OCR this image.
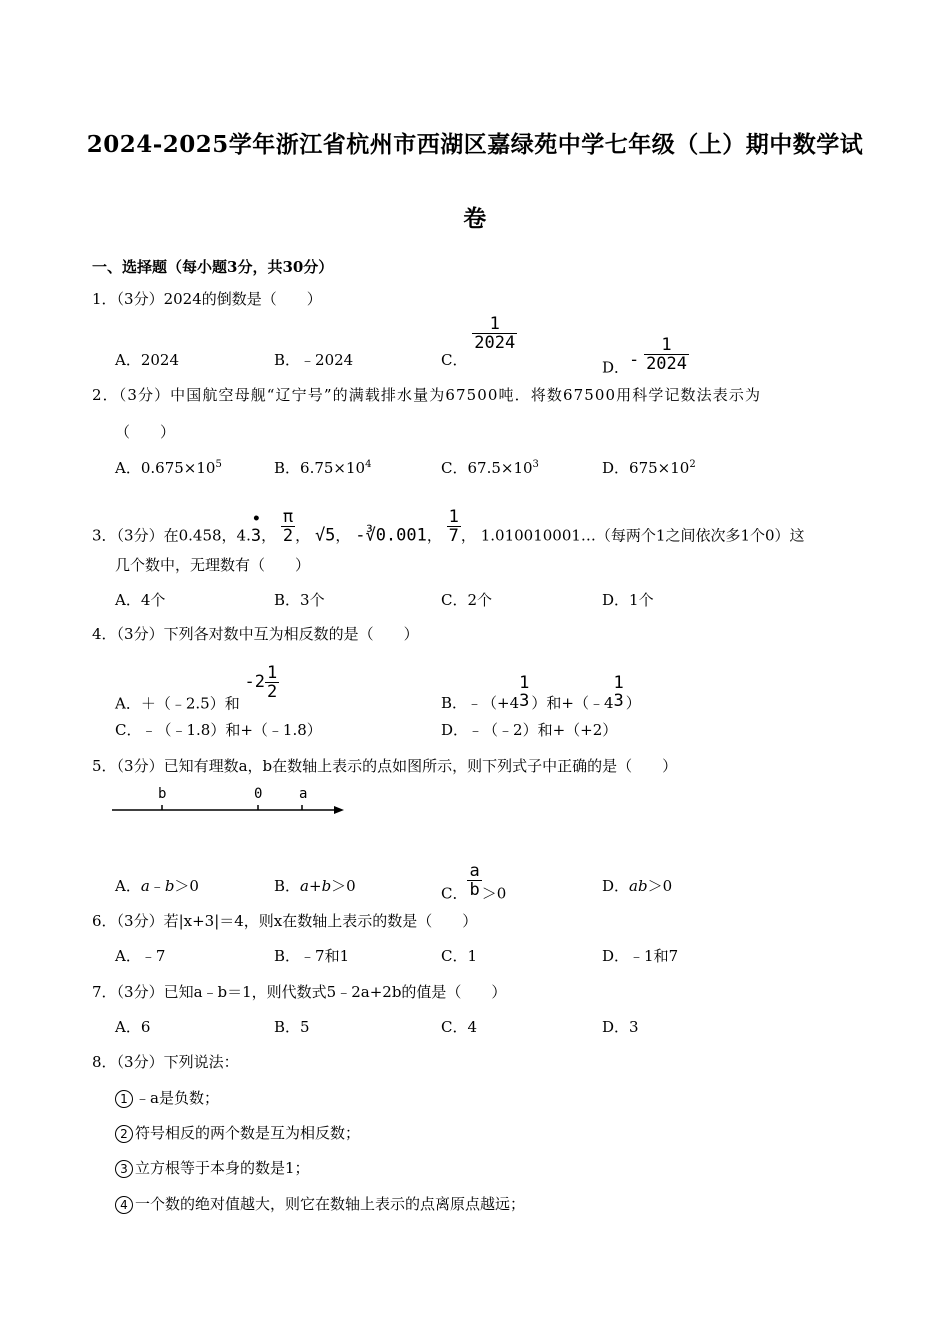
2024-2025学年浙江省杭州市西湖区嘉绿苑中学七年级（上）期中数学试
卷
一、选择题（每小题3分，共30分）
1．（3分）2024的倒数是（　　）
A．2024	B．﹣2024	C．
$\frac{1}{2024}$
D．- $\frac{1}{2024}$
2．（3分）中国航空母舰“辽宁号”的满载排水量为67500吨．将数67500用科学记数法表示为
（　　）
A．$0.675\times 10^5$	B．$6.75\times 10^4$	C．$67.5\times 10^3$	D．$675\times 10^2$
3．（3分）在0.458，4.
•
3， $\frac{\pi}{2}$ ， √5， -∛0.001， $\frac{1}{7}$ ， 1.010010001…（每两个1之间依次多1个0）这
几个数中，无理数有（　　）
A．4个	B．3个	C．2个	D．1个
4．（3分）下列各对数中互为相反数的是（　　）
A．＋（﹣2.5）和 $-2 \frac{1}{2}$
B．﹣（+4
1
3 ）和+（﹣4
1
3 ）
C．﹣（﹣1.8）和+（﹣1.8）	D．﹣（﹣2）和+（+2）
5．（3分）已知有理数a，b在数轴上表示的点如图所示，则下列式子中正确的是（　　）
b	0	a
A．a﹣b＞0	B．a+b＞0	C． $\frac{a}{b} >0$	D．ab＞0
6．（3分）若|x+3|＝4，则x在数轴上表示的数是（　　）
A．﹣7	B．﹣7和1	C．1	D．﹣1和7
7．（3分）已知a﹣b＝1，则代数式5﹣2a+2b的值是（　　）
A．6	B．5	C．4	D．3
8．（3分）下列说法：
1 ﹣a是负数；
2 符号相反的两个数是互为相反数；
3 立方根等于本身的数是1；
4 一个数的绝对值越大，则它在数轴上表示的点离原点越远；
